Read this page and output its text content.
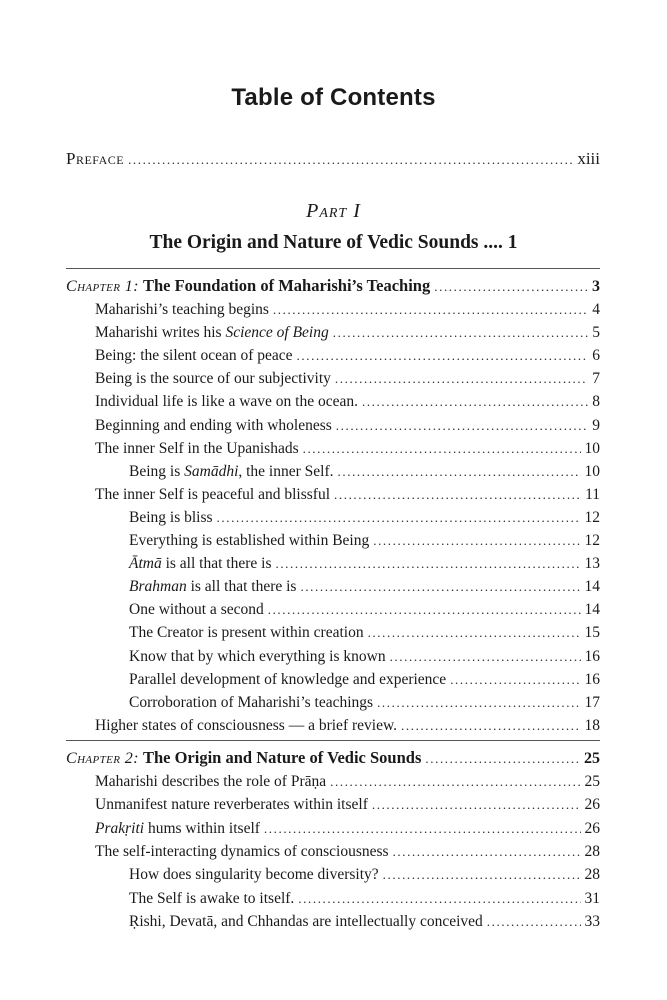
Table of Contents
Preface .....	xiii
Part I
The Origin and Nature of Vedic Sounds .... 1
Chapter 1: The Foundation of Maharishi’s Teaching .....	3
Maharishi’s teaching begins .....	4
Maharishi writes his Science of Being .....	5
Being: the silent ocean of peace .....	6
Being is the source of our subjectivity .....	7
Individual life is like a wave on the ocean. .....	8
Beginning and ending with wholeness .....	9
The inner Self in the Upanishads .....	10
Being is Samādhi, the inner Self. .....	10
The inner Self is peaceful and blissful .....	11
Being is bliss .....	12
Everything is established within Being .....	12
Ātmā is all that there is .....	13
Brahman is all that there is .....	14
One without a second .....	14
The Creator is present within creation .....	15
Know that by which everything is known .....	16
Parallel development of knowledge and experience .....	16
Corroboration of Maharishi’s teachings .....	17
Higher states of consciousness — a brief review. .....	18
Chapter 2: The Origin and Nature of Vedic Sounds .....	25
Maharishi describes the role of Prāṇa .....	25
Unmanifest nature reverberates within itself .....	26
Prakṛiti hums within itself .....	26
The self-interacting dynamics of consciousness .....	28
How does singularity become diversity? .....	28
The Self is awake to itself. .....	31
Ṛishi, Devatā, and Chhandas are intellectually conceived .....	33
